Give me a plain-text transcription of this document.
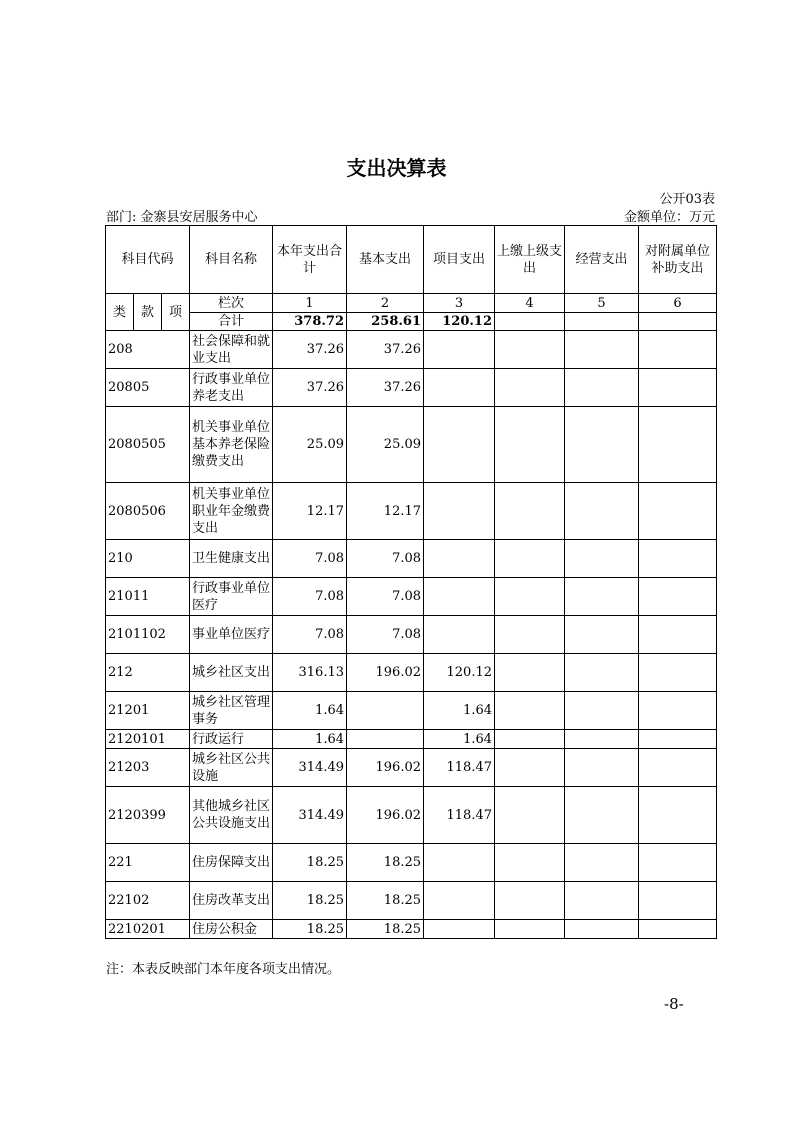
支出决算表
公开03表
部门: 金寨县安居服务中心	金额单位：万元
科目代码			科目名称	本年支出合计	基本支出	项目支出	上缴上级支出	经营支出	对附属单位补助支出
类	款	项	栏次	1	2	3	4	5	6
			合计	378.72	258.61	120.12			
208			社会保障和就业支出	37.26	37.26				
20805			行政事业单位养老支出	37.26	37.26				
2080505			机关事业单位基本养老保险缴费支出	25.09	25.09				
2080506			机关事业单位职业年金缴费支出	12.17	12.17				
210			卫生健康支出	7.08	7.08				
21011			行政事业单位医疗	7.08	7.08				
2101102			事业单位医疗	7.08	7.08				
212			城乡社区支出	316.13	196.02	120.12			
21201			城乡社区管理事务	1.64		1.64			
2120101			行政运行	1.64		1.64			
21203			城乡社区公共设施	314.49	196.02	118.47			
2120399			其他城乡社区公共设施支出	314.49	196.02	118.47			
221			住房保障支出	18.25	18.25				
22102			住房改革支出	18.25	18.25				
2210201			住房公积金	18.25	18.25				
注：本表反映部门本年度各项支出情况。
-8-
